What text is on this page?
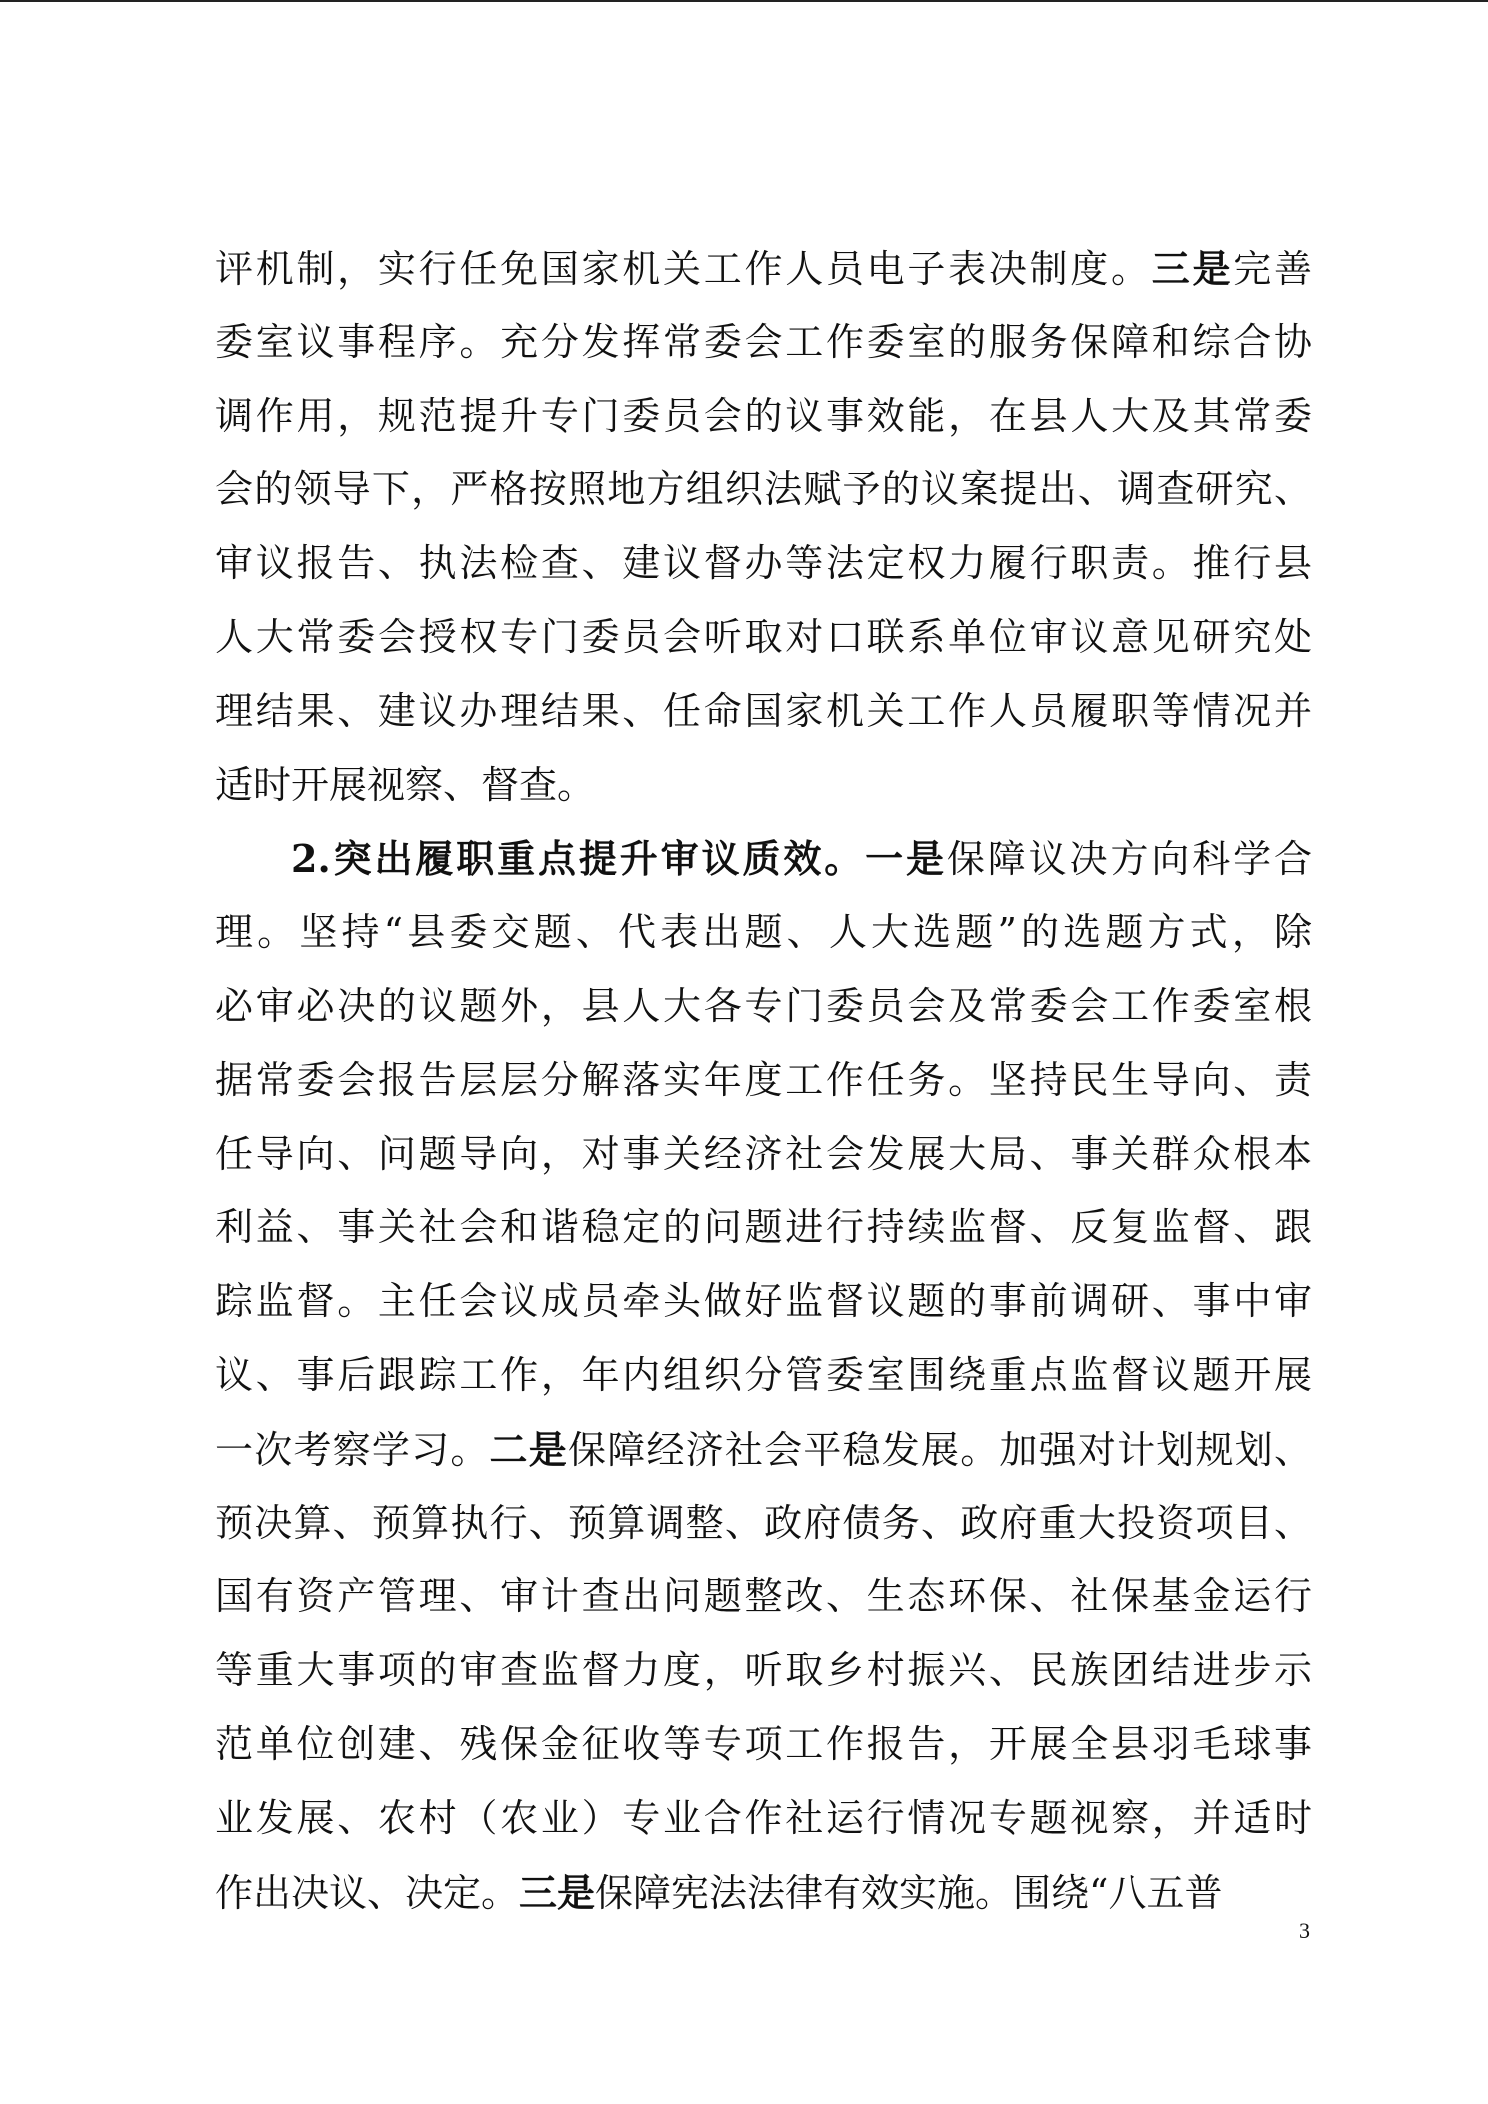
评机制，实行任免国家机关工作人员电子表决制度。三是完善
委室议事程序。充分发挥常委会工作委室的服务保障和综合协
调作用，规范提升专门委员会的议事效能，在县人大及其常委
会的领导下，严格按照地方组织法赋予的议案提出、调查研究、
审议报告、执法检查、建议督办等法定权力履行职责。推行县
人大常委会授权专门委员会听取对口联系单位审议意见研究处
理结果、建议办理结果、任命国家机关工作人员履职等情况并
适时开展视察、督查。
2.突出履职重点提升审议质效。一是保障议决方向科学合
理。坚持“县委交题、代表出题、人大选题”的选题方式，除
必审必决的议题外，县人大各专门委员会及常委会工作委室根
据常委会报告层层分解落实年度工作任务。坚持民生导向、责
任导向、问题导向，对事关经济社会发展大局、事关群众根本
利益、事关社会和谐稳定的问题进行持续监督、反复监督、跟
踪监督。主任会议成员牵头做好监督议题的事前调研、事中审
议、事后跟踪工作，年内组织分管委室围绕重点监督议题开展
一次考察学习。二是保障经济社会平稳发展。加强对计划规划、
预决算、预算执行、预算调整、政府债务、政府重大投资项目、
国有资产管理、审计查出问题整改、生态环保、社保基金运行
等重大事项的审查监督力度，听取乡村振兴、民族团结进步示
范单位创建、残保金征收等专项工作报告，开展全县羽毛球事
业发展、农村（农业）专业合作社运行情况专题视察，并适时
作出决议、决定。三是保障宪法法律有效实施。围绕“八五普
3
